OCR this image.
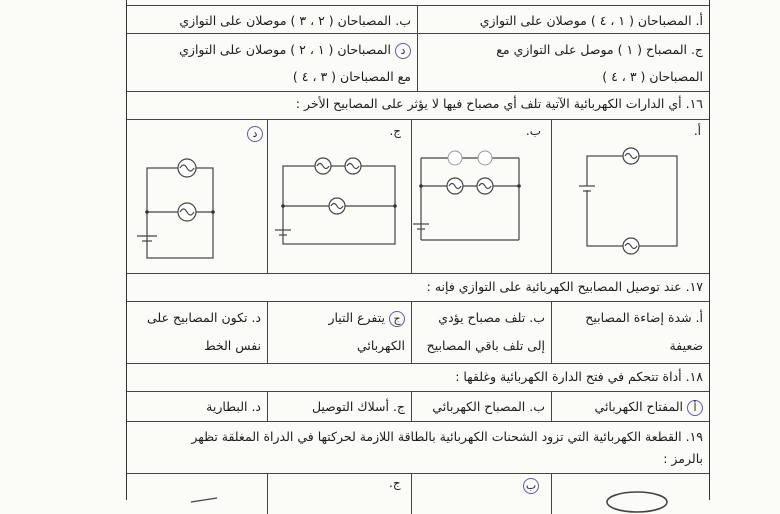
أ. المصباحان ( ١ ، ٤ ) موصلان على التوازي
ب. المصباحان ( ٢ ، ٣ ) موصلان على التوازي
ج. المصباح ( ١ ) موصل على التوازي مع
المصباحان ( ٣ ، ٤ )
د المصباحان ( ١ ، ٢ ) موصلان على التوازي
مع المصباحان ( ٣ ، ٤ )
١٦. أي الدارات الكهربائية الآتية تلف أي مصباح فيها لا يؤثر على المصابيح الأخر :
أ.
ب.
ج.
د
١٧. عند توصيل المصابيح الكهربائية على التوازي فإنه :
أ. شدة إضاءة المصابيح
ضعيفة
ب. تلف مصباح يؤدي
إلى تلف باقي المصابيح
ج يتفرع التيار
الكهربائي
د. تكون المصابيح على
نفس الخط
١٨. أداة تتحكم في فتح الدارة الكهربائية وغلقها :
أ المفتاح الكهربائي
ب. المصباح الكهربائي
ج. أسلاك التوصيل
د. البطارية
١٩. القطعة الكهربائية التي تزود الشحنات الكهربائية بالطاقة اللازمة لحركتها في الدراة المغلقة تظهر
بالرمز :
ب
ج.
